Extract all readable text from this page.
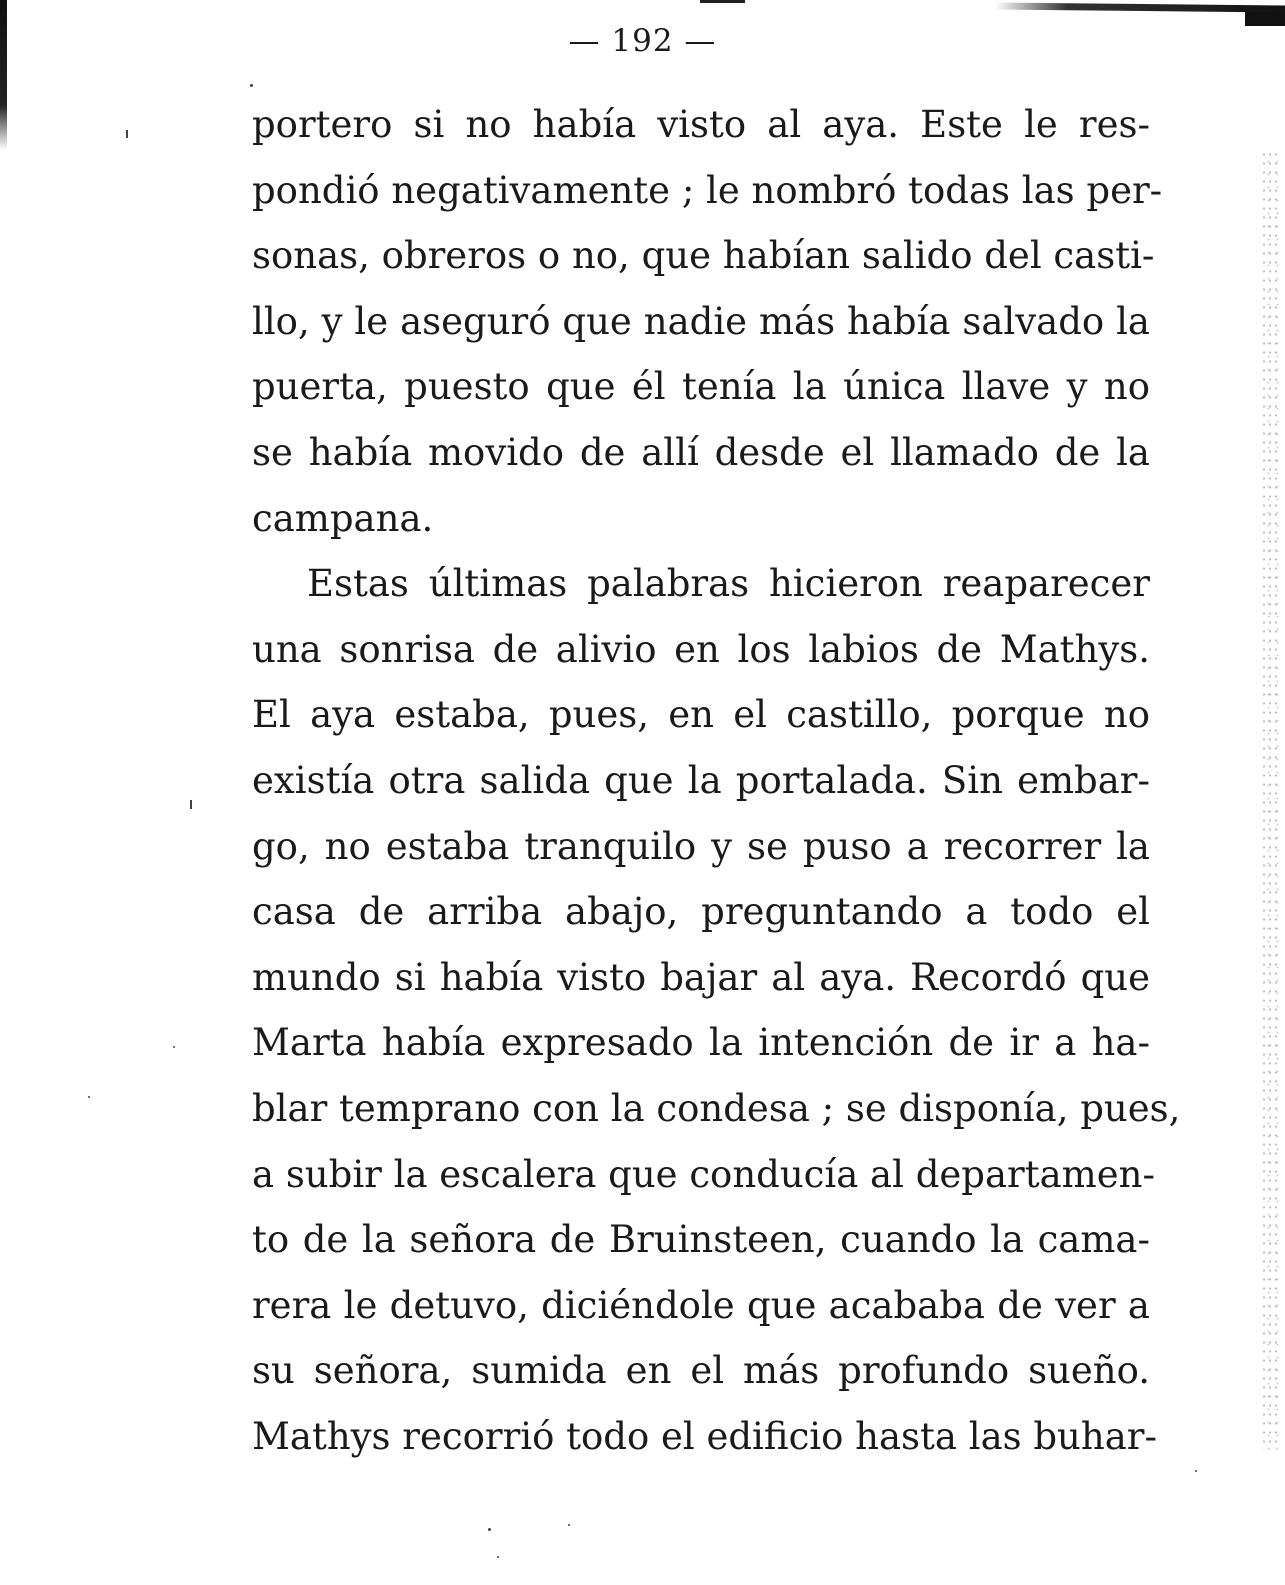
— 192 —
portero si no había visto al aya. Este le res-
pondió negativamente ; le nombró todas las per-
sonas, obreros o no, que habían salido del casti-
llo, y le aseguró que nadie más había salvado la
puerta, puesto que él tenía la única llave y no
se había movido de allí desde el llamado de la
campana.
Estas últimas palabras hicieron reaparecer
una sonrisa de alivio en los labios de Mathys.
El aya estaba, pues, en el castillo, porque no
existía otra salida que la portalada. Sin embar-
go, no estaba tranquilo y se puso a recorrer la
casa de arriba abajo, preguntando a todo el
mundo si había visto bajar al aya. Recordó que
Marta había expresado la intención de ir a ha-
blar temprano con la condesa ; se disponía, pues,
a subir la escalera que conducía al departamen-
to de la señora de Bruinsteen, cuando la cama-
rera le detuvo, diciéndole que acababa de ver a
su señora, sumida en el más profundo sueño.
Mathys recorrió todo el edificio hasta las buhar-
